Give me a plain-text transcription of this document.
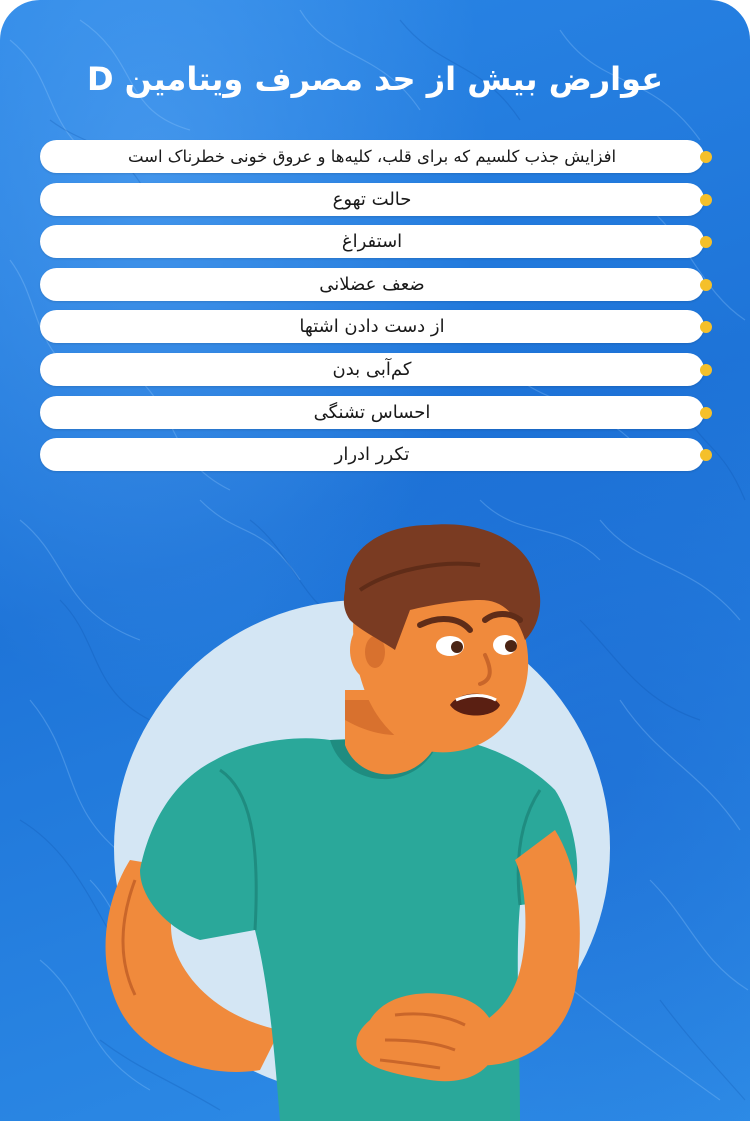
عوارض بیش از حد مصرف ویتامین D
افزایش جذب کلسیم که برای قلب، کلیه‌ها و عروق خونی خطرناک است
حالت تهوع
استفراغ
ضعف عضلانی
از دست دادن اشتها
کم‌آبی بدن
احساس تشنگی
تکرر ادرار
